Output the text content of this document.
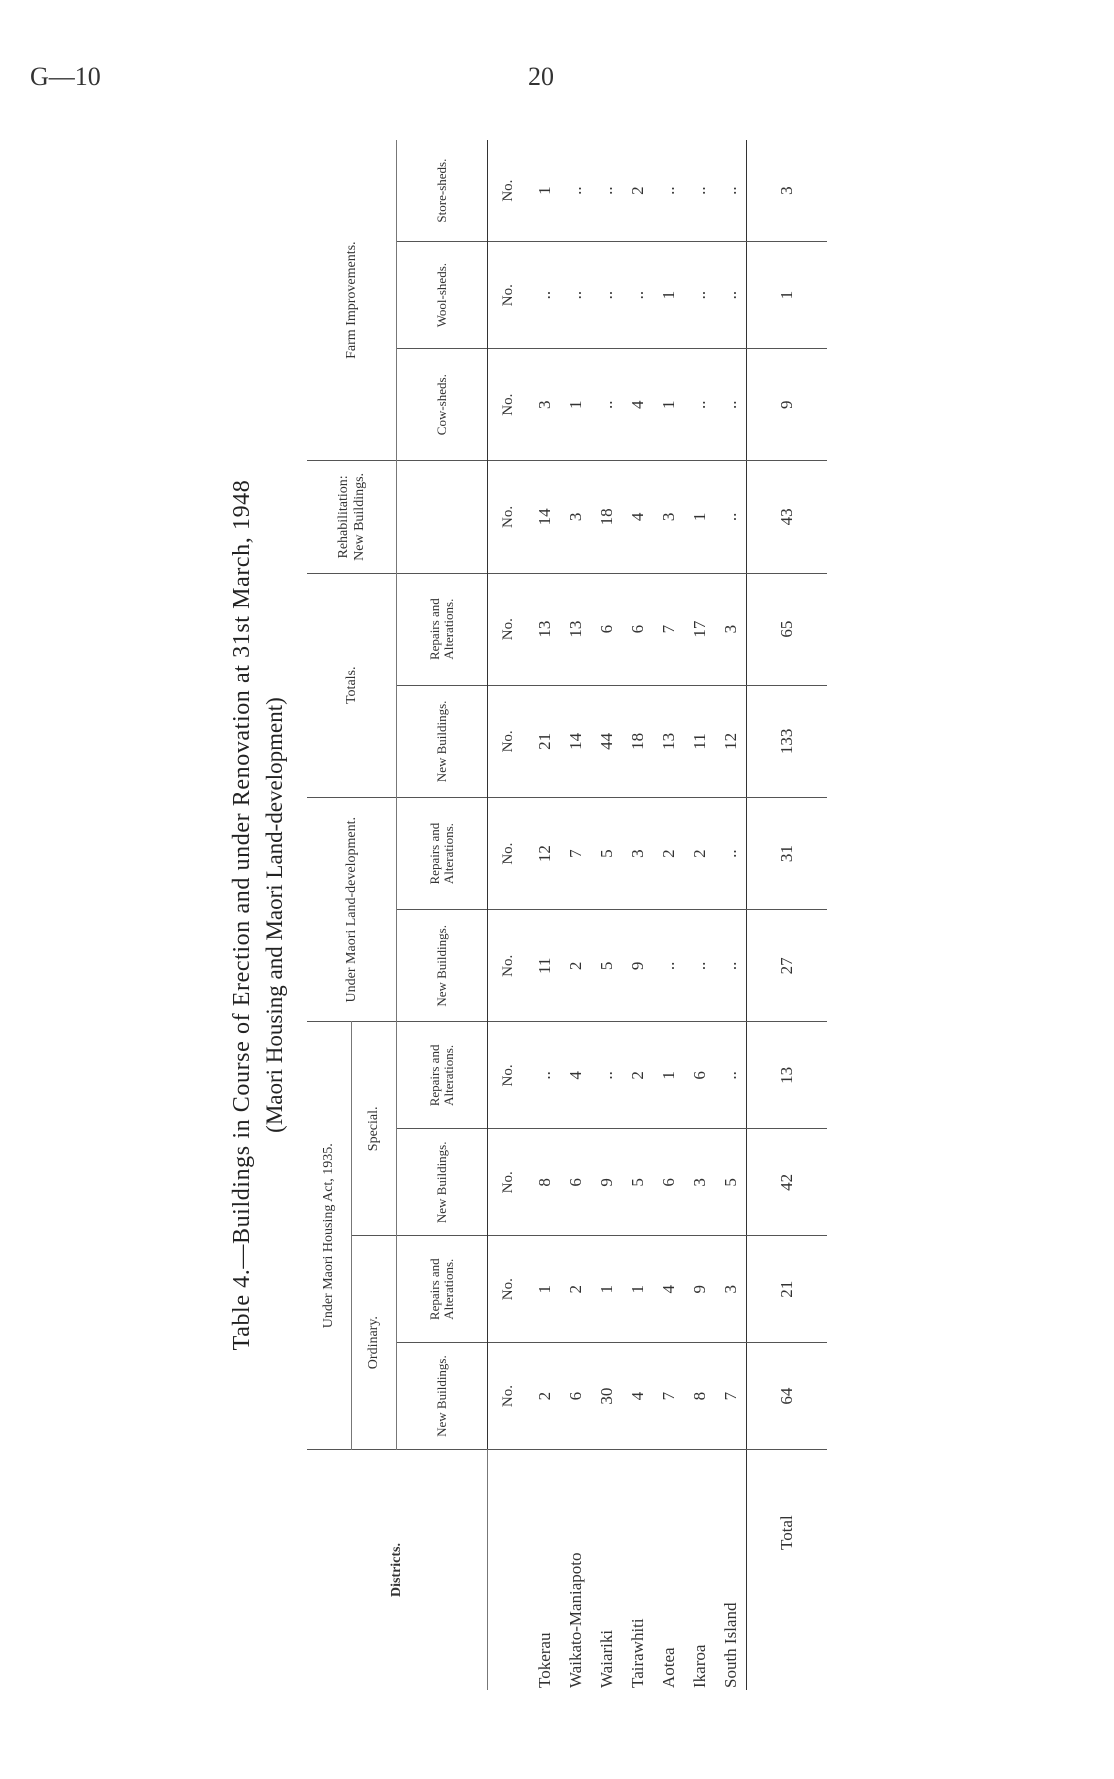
G—10	20
Table 4.—Buildings in Course of Erection and under Renovation at 31st March, 1948 (Maori Housing and Maori Land-development)
Districts.	Under Maori Housing Act, 1935.				Under Maori Land-development.		Totals.		Rehabilitation: New Buildings.	Farm Improvements.		
	Ordinary.		Special.									
	New Buildings.	Repairs and Alterations.	New Buildings.	Repairs and Alterations.	New Buildings.	Repairs and Alterations.	New Buildings.	Repairs and Alterations.		Cow-sheds.	Wool-sheds.	Store-sheds.
	No.	No.	No.	No.	No.	No.	No.	No.	No.	No.	No.	No.
Tokerau	2	1	8	..	11	12	21	13	14	3	..	1
Waikato-Maniapoto	6	2	6	4	2	7	14	13	3	1	..	..
Waiariki	30	1	9	..	5	5	44	6	18	..	..	..
Tairawhiti	4	1	5	2	9	3	18	6	4	4	..	2
Aotea	7	4	6	1	..	2	13	7	3	1	1	..
Ikaroa	8	9	3	6	..	2	11	17	1	..	..	..
South Island	7	3	5	..	..	..	12	3	..	..	..	..
Total	64	21	42	13	27	31	133	65	43	9	1	3
